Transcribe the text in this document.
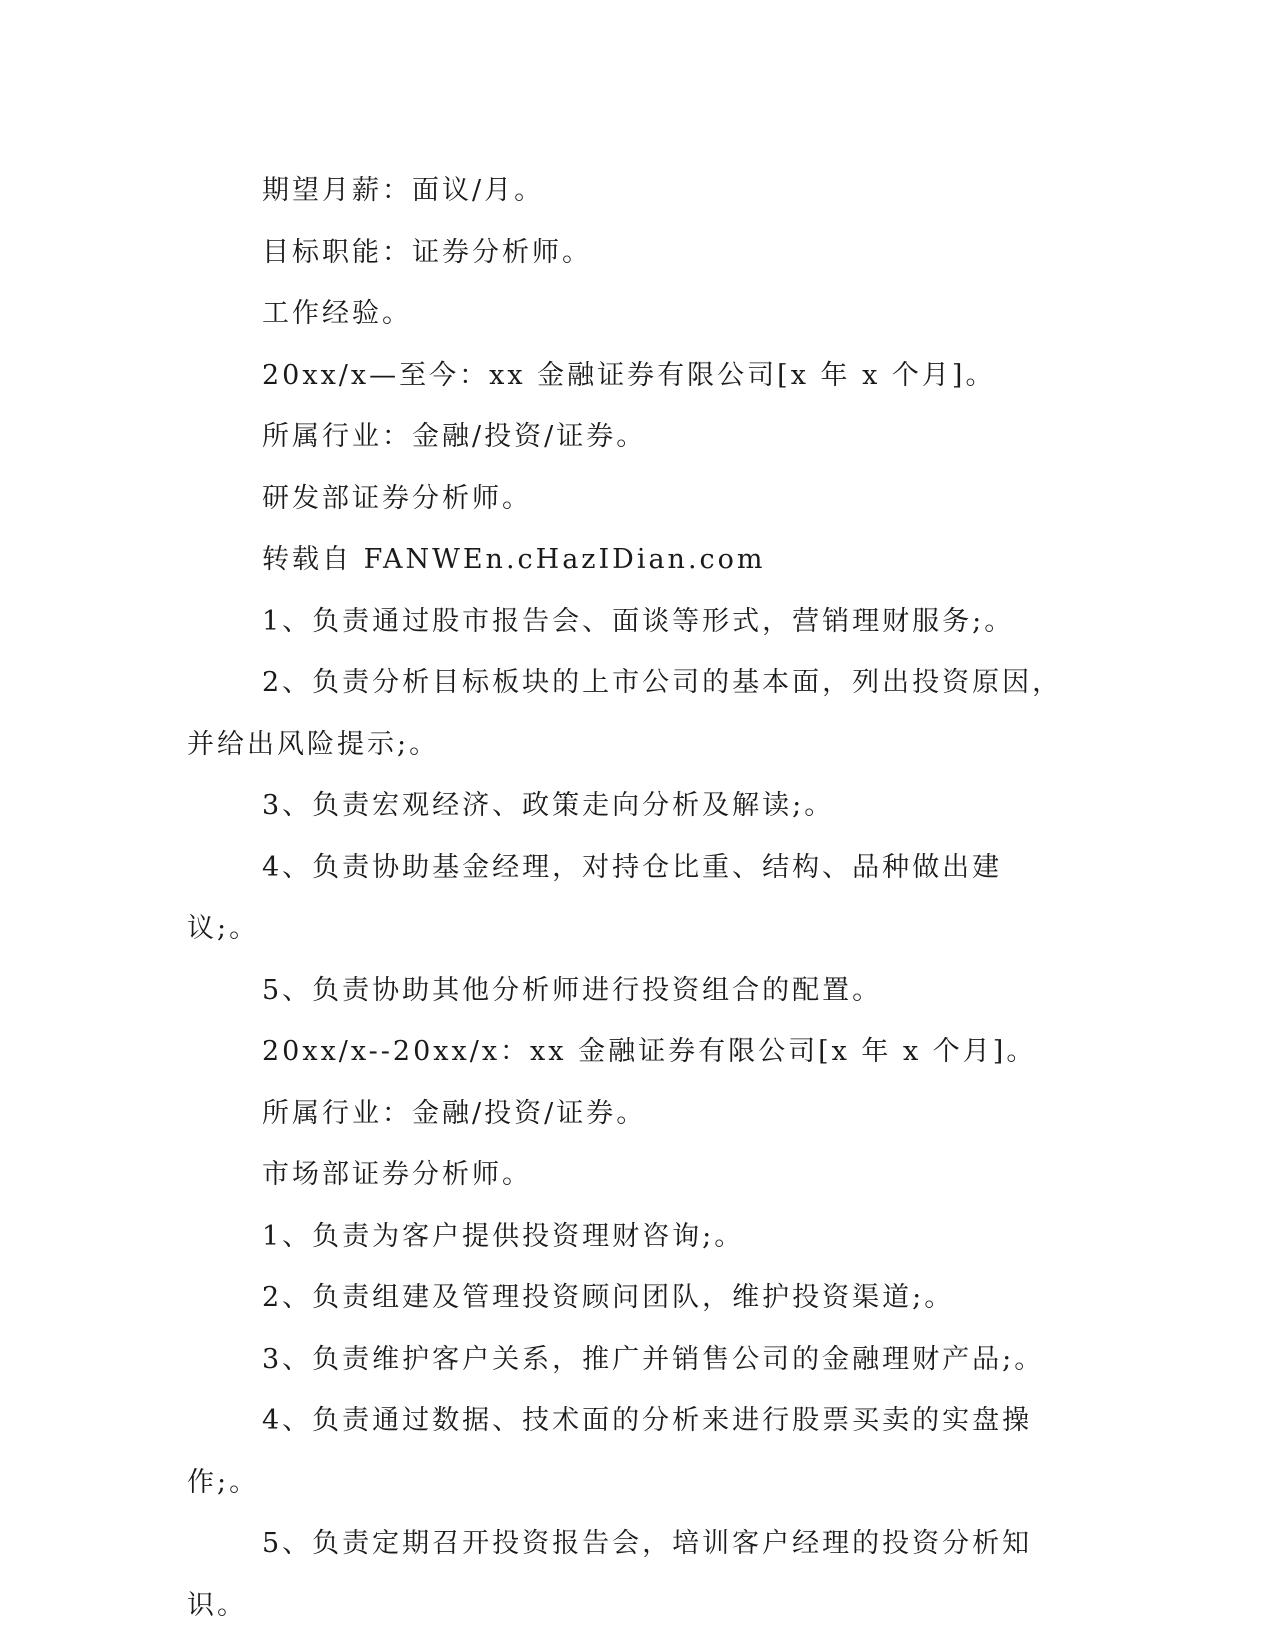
期望月薪：面议/月。

目标职能：证券分析师。

工作经验。

20xx/x—至今：xx 金融证券有限公司[x 年 x 个月]。

所属行业：金融/投资/证券。

研发部证券分析师。

转载自 FANWEn.cHazIDian.com

1、负责通过股市报告会、面谈等形式，营销理财服务;。

2、负责分析目标板块的上市公司的基本面，列出投资原因，并给出风险提示;。

3、负责宏观经济、政策走向分析及解读;。

4、负责协助基金经理，对持仓比重、结构、品种做出建议;。

5、负责协助其他分析师进行投资组合的配置。

20xx/x--20xx/x：xx 金融证券有限公司[x 年 x 个月]。

所属行业：金融/投资/证券。

市场部证券分析师。

1、负责为客户提供投资理财咨询;。

2、负责组建及管理投资顾问团队，维护投资渠道;。

3、负责维护客户关系，推广并销售公司的金融理财产品;。

4、负责通过数据、技术面的分析来进行股票买卖的实盘操作;。

5、负责定期召开投资报告会，培训客户经理的投资分析知识。
